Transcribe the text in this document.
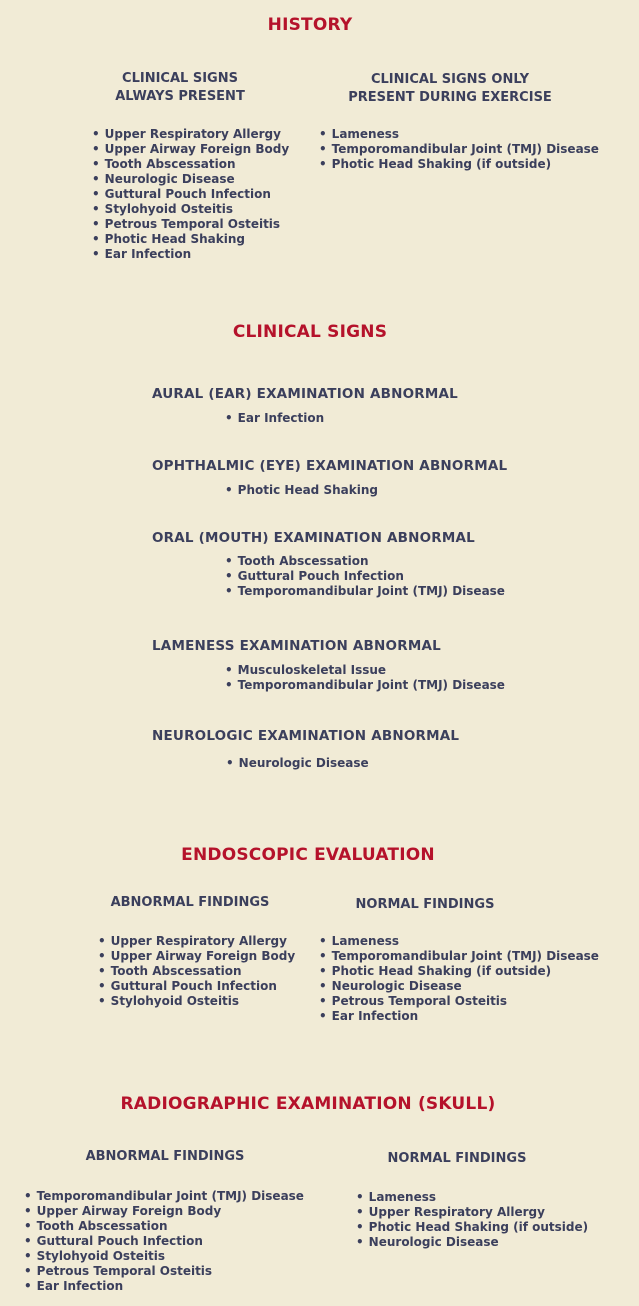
HISTORY
CLINICAL SIGNS
ALWAYS PRESENT
CLINICAL SIGNS ONLY
PRESENT DURING EXERCISE
• Upper Respiratory Allergy
• Upper Airway Foreign Body
• Tooth Abscessation
• Neurologic Disease
• Guttural Pouch Infection
• Stylohyoid Osteitis
• Petrous Temporal Osteitis
• Photic Head Shaking
• Ear Infection
• Lameness
• Temporomandibular Joint (TMJ) Disease
• Photic Head Shaking (if outside)
CLINICAL SIGNS
AURAL (EAR) EXAMINATION ABNORMAL
• Ear Infection
OPHTHALMIC (EYE) EXAMINATION ABNORMAL
• Photic Head Shaking
ORAL (MOUTH) EXAMINATION ABNORMAL
• Tooth Abscessation
• Guttural Pouch Infection
• Temporomandibular Joint (TMJ) Disease
LAMENESS EXAMINATION ABNORMAL
• Musculoskeletal Issue
• Temporomandibular Joint (TMJ) Disease
NEUROLOGIC EXAMINATION ABNORMAL
• Neurologic Disease
ENDOSCOPIC EVALUATION
ABNORMAL FINDINGS	NORMAL FINDINGS
• Upper Respiratory Allergy
• Upper Airway Foreign Body
• Tooth Abscessation
• Guttural Pouch Infection
• Stylohyoid Osteitis
• Lameness
• Temporomandibular Joint (TMJ) Disease
• Photic Head Shaking (if outside)
• Neurologic Disease
• Petrous Temporal Osteitis
• Ear Infection
RADIOGRAPHIC EXAMINATION (SKULL)
ABNORMAL FINDINGS	NORMAL FINDINGS
• Temporomandibular Joint (TMJ) Disease
• Upper Airway Foreign Body
• Tooth Abscessation
• Guttural Pouch Infection
• Stylohyoid Osteitis
• Petrous Temporal Osteitis
• Ear Infection
• Lameness
• Upper Respiratory Allergy
• Photic Head Shaking (if outside)
• Neurologic Disease
